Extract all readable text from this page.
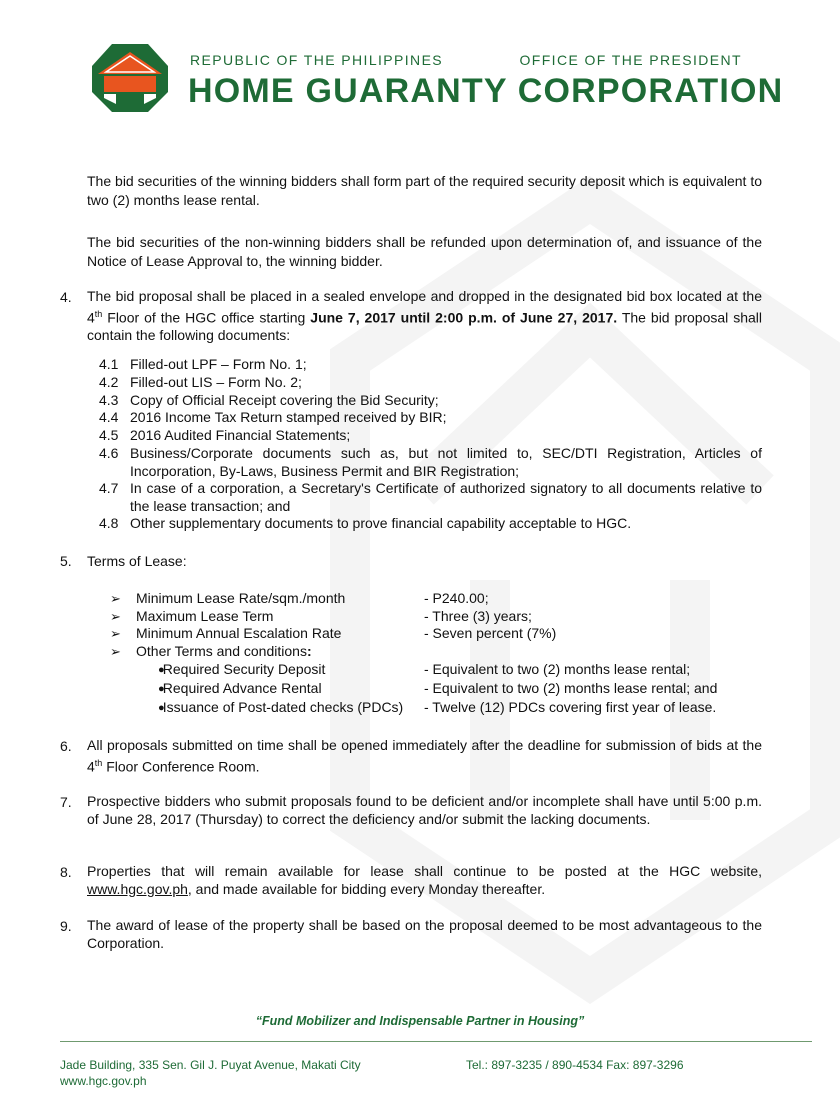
REPUBLIC OF THE PHILIPPINES	OFFICE OF THE PRESIDENT
HOME GUARANTY CORPORATION
The bid securities of the winning bidders shall form part of the required security deposit which is equivalent to two (2) months lease rental.
The bid securities of the non-winning bidders shall be refunded upon determination of, and issuance of the Notice of Lease Approval to, the winning bidder.
4. The bid proposal shall be placed in a sealed envelope and dropped in the designated bid box located at the 4th Floor of the HGC office starting June 7, 2017 until 2:00 p.m. of June 27, 2017. The bid proposal shall contain the following documents:
4.1 Filled-out LPF – Form No. 1;
4.2 Filled-out LIS – Form No. 2;
4.3 Copy of Official Receipt covering the Bid Security;
4.4 2016 Income Tax Return stamped received by BIR;
4.5 2016 Audited Financial Statements;
4.6 Business/Corporate documents such as, but not limited to, SEC/DTI Registration, Articles of Incorporation, By-Laws, Business Permit and BIR Registration;
4.7 In case of a corporation, a Secretary's Certificate of authorized signatory to all documents relative to the lease transaction; and
4.8 Other supplementary documents to prove financial capability acceptable to HGC.
5. Terms of Lease:
➢ Minimum Lease Rate/sqm./month	- P240.00;
➢ Maximum Lease Term	- Three (3) years;
➢ Minimum Annual Escalation Rate	- Seven percent (7%)
➢ Other Terms and conditions:
●
Required Security Deposit	- Equivalent to two (2) months lease rental;
●
Required Advance Rental	- Equivalent to two (2) months lease rental; and
●
Issuance of Post-dated checks (PDCs) - Twelve (12) PDCs covering first year of lease.
6. All proposals submitted on time shall be opened immediately after the deadline for submission of bids at the 4th Floor Conference Room.
7. Prospective bidders who submit proposals found to be deficient and/or incomplete shall have until 5:00 p.m. of June 28, 2017 (Thursday) to correct the deficiency and/or submit the lacking documents.
8. Properties that will remain available for lease shall continue to be posted at the HGC website, www.hgc.gov.ph, and made available for bidding every Monday thereafter.
9. The award of lease of the property shall be based on the proposal deemed to be most advantageous to the Corporation.
“Fund Mobilizer and Indispensable Partner in Housing”
Jade Building, 335 Sen. Gil J. Puyat Avenue, Makati City
www.hgc.gov.ph
Tel.: 897-3235 / 890-4534 Fax: 897-3296
